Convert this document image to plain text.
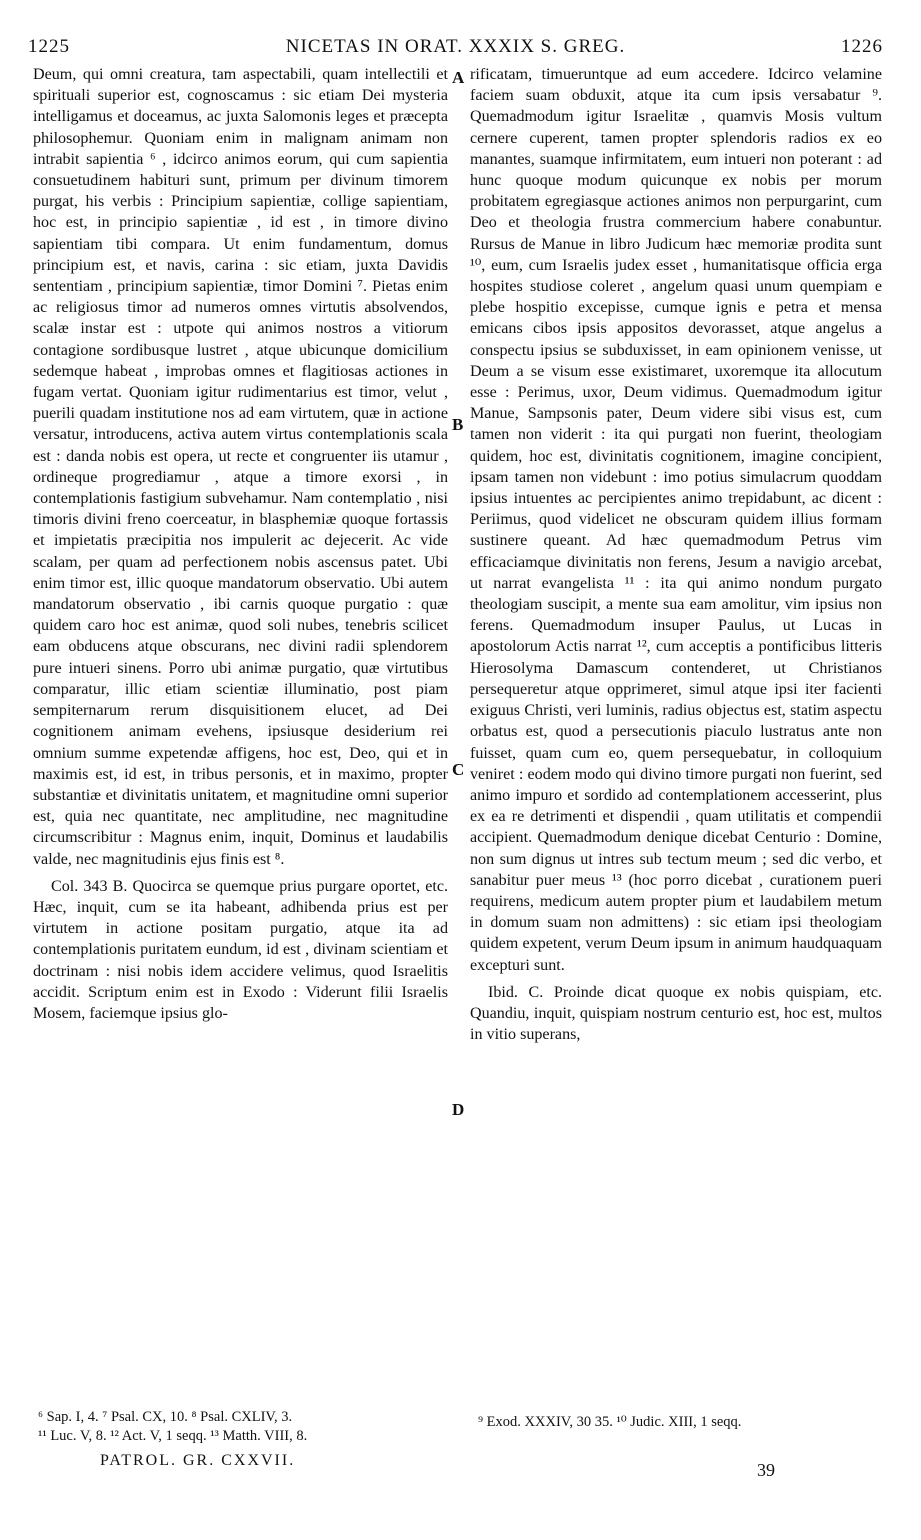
1225	NICETAS IN ORAT. XXXIX S. GREG.	1226

Deum, qui omni creatura, tam aspectabili, quam intellectili et spirituali superior est, cognoscamus : sic etiam Dei mysteria intelligamus et doceamus, ac juxta Salomonis leges et præcepta philosophemur. Quoniam enim in malignam animam non intrabit sapientia ⁶ , idcirco animos eorum, qui cum sapientia consuetudinem habituri sunt, primum per divinum timorem purgat, his verbis : Principium sapientiæ, collige sapientiam, hoc est, in principio sapientiæ , id est , in timore divino sapientiam tibi compara. Ut enim fundamentum, domus principium est, et navis, carina : sic etiam, juxta Davidis sententiam , principium sapientiæ, timor Domini ⁷. Pietas enim ac religiosus timor ad numeros omnes virtutis absolvendos, scalæ instar est : utpote qui animos nostros a vitiorum contagione sordibusque lustret , atque ubicunque domicilium sedemque habeat , improbas omnes et flagitiosas actiones in fugam vertat. Quoniam igitur rudimentarius est timor, velut , puerili quadam institutione nos ad eam virtutem, quæ in actione versatur, introducens, activa autem virtus contemplationis scala est : danda nobis est opera, ut recte et congruenter iis utamur , ordineque progrediamur , atque a timore exorsi , in contemplationis fastigium subvehamur. Nam contemplatio , nisi timoris divini freno coerceatur, in blasphemiæ quoque fortassis et impietatis præcipitia nos impulerit ac dejecerit. Ac vide scalam, per quam ad perfectionem nobis ascensus patet. Ubi enim timor est, illic quoque mandatorum observatio. Ubi autem mandatorum observatio , ibi carnis quoque purgatio : quæ quidem caro hoc est animæ, quod soli nubes, tenebris scilicet eam obducens atque obscurans, nec divini radii splendorem pure intueri sinens. Porro ubi animæ purgatio, quæ virtutibus comparatur, illic etiam scientiæ illuminatio, post piam sempiternarum rerum disquisitionem elucet, ad Dei cognitionem animam evehens, ipsiusque desiderium rei omnium summe expetendæ affigens, hoc est, Deo, qui et in maximis est, id est, in tribus personis, et in maximo, propter substantiæ et divinitatis unitatem, et magnitudine omni superior est, quia nec quantitate, nec amplitudine, nec magnitudine circumscribitur : Magnus enim, inquit, Dominus et laudabilis valde, nec magnitudinis ejus finis est ⁸.

Col. 343 B. Quocirca se quemque prius purgare oportet, etc. Hæc, inquit, cum se ita habeant, adhibenda prius est per virtutem in actione positam purgatio, atque ita ad contemplationis puritatem eundum, id est , divinam scientiam et doctrinam : nisi nobis idem accidere velimus, quod Israelitis accidit. Scriptum enim est in Exodo : Viderunt filii Israelis Mosem, faciemque ipsius glo-

A
B
C
D

rificatam, timueruntque ad eum accedere. Idcirco velamine faciem suam obduxit, atque ita cum ipsis versabatur ⁹. Quemadmodum igitur Israelitæ , quamvis Mosis vultum cernere cuperent, tamen propter splendoris radios ex eo manantes, suamque infirmitatem, eum intueri non poterant : ad hunc quoque modum quicunque ex nobis per morum probitatem egregiasque actiones animos non perpurgarint, cum Deo et theologia frustra commercium habere conabuntur. Rursus de Manue in libro Judicum hæc memoriæ prodita sunt ¹⁰, eum, cum Israelis judex esset , humanitatisque officia erga hospites studiose coleret , angelum quasi unum quempiam e plebe hospitio excepisse, cumque ignis e petra et mensa emicans cibos ipsis appositos devorasset, atque angelus a conspectu ipsius se subduxisset, in eam opinionem venisse, ut Deum a se visum esse existimaret, uxoremque ita allocutum esse : Perimus, uxor, Deum vidimus. Quemadmodum igitur Manue, Sampsonis pater, Deum videre sibi visus est, cum tamen non viderit : ita qui purgati non fuerint, theologiam quidem, hoc est, divinitatis cognitionem, imagine concipient, ipsam tamen non videbunt : imo potius simulacrum quoddam ipsius intuentes ac percipientes animo trepidabunt, ac dicent : Periimus, quod videlicet ne obscuram quidem illius formam sustinere queant. Ad hæc quemadmodum Petrus vim efficaciamque divinitatis non ferens, Jesum a navigio arcebat, ut narrat evangelista ¹¹ : ita qui animo nondum purgato theologiam suscipit, a mente sua eam amolitur, vim ipsius non ferens. Quemadmodum insuper Paulus, ut Lucas in apostolorum Actis narrat ¹², cum acceptis a pontificibus litteris Hierosolyma Damascum contenderet, ut Christianos persequeretur atque opprimeret, simul atque ipsi iter facienti exiguus Christi, veri luminis, radius objectus est, statim aspectu orbatus est, quod a persecutionis piaculo lustratus ante non fuisset, quam cum eo, quem persequebatur, in colloquium veniret : eodem modo qui divino timore purgati non fuerint, sed animo impuro et sordido ad contemplationem accesserint, plus ex ea re detrimenti et dispendii , quam utilitatis et compendii accipient. Quemadmodum denique dicebat Centurio : Domine, non sum dignus ut intres sub tectum meum ; sed dic verbo, et sanabitur puer meus ¹³ (hoc porro dicebat , curationem pueri requirens, medicum autem propter pium et laudabilem metum in domum suam non admittens) : sic etiam ipsi theologiam quidem expetent, verum Deum ipsum in animum haudquaquam excepturi sunt.

Ibid. C. Proinde dicat quoque ex nobis quispiam, etc. Quandiu, inquit, quispiam nostrum centurio est, hoc est, multos in vitio superans,

⁶ Sap. I, 4. ⁷ Psal. CX, 10. ⁸ Psal. CXLIV, 3.
¹¹ Luc. V, 8. ¹² Act. V, 1 seqq. ¹³ Matth. VIII, 8.
⁹ Exod. XXXIV, 30 35. ¹⁰ Judic. XIII, 1 seqq.
PATROL. GR. CXXVII.	39
